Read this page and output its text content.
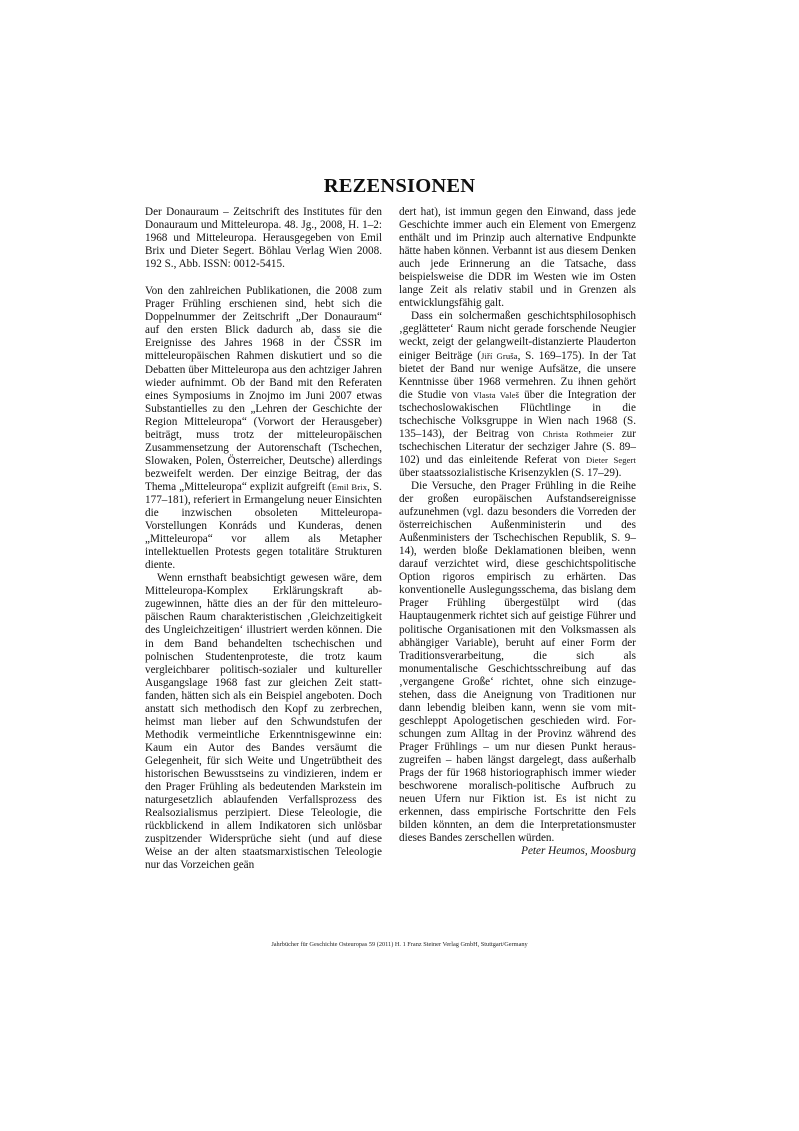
REZENSIONEN

Der Donauraum – Zeitschrift des Institutes für den Donauraum und Mitteleuropa. 48. Jg., 2008, H. 1–2: 1968 und Mitteleuropa. Herausgegeben von Emil Brix und Dieter Segert. Böhlau Verlag Wien 2008. 192 S., Abb. ISSN: 0012-5415.

Von den zahlreichen Publikationen, die 2008 zum Prager Frühling erschienen sind, hebt sich die Doppelnummer der Zeitschrift „Der Donauraum“ auf den ersten Blick dadurch ab, dass sie die Ereignisse des Jahres 1968 in der ČSSR im mitteleuropäischen Rahmen diskutiert und so die Debatten über Mitteleuropa aus den achtziger Jahren wieder aufnimmt. Ob der Band mit den Referaten eines Symposiums in Znojmo im Juni 2007 etwas Substantielles zu den „Lehren der Geschichte der Region Mitteleuropa“ (Vorwort der Herausgeber) beiträgt, muss trotz der mitteleuropäischen Zusammensetzung der Autorenschaft (Tschechen, Slowaken, Polen, Österreicher, Deutsche) allerdings bezweifelt werden. Der einzige Beitrag, der das Thema „Mitteleuropa“ explizit aufgreift (Emil Brix, S. 177–181), referiert in Ermangelung neuer Einsichten die inzwischen obsoleten Mitteleuropa-Vorstellungen Konráds und Kunderas, denen „Mitteleuropa“ vor allem als Metapher intellektuellen Protests gegen totalitäre Strukturen diente.

Wenn ernsthaft beabsichtigt gewesen wäre, dem Mitteleuropa-Komplex Erklärungskraft abzugewinnen, hätte dies an der für den mitteleuropäischen Raum charakteristischen ‚Gleichzeitigkeit des Ungleichzeitigen‘ illustriert werden können. Die in dem Band behandelten tschechischen und polnischen Studentenproteste, die trotz kaum vergleichbarer politisch-sozialer und kultureller Ausgangslage 1968 fast zur gleichen Zeit stattfanden, hätten sich als ein Beispiel angeboten. Doch anstatt sich methodisch den Kopf zu zerbrechen, heimst man lieber auf den Schwundstufen der Methodik vermeintliche Erkenntnisgewinne ein: Kaum ein Autor des Bandes versäumt die Gelegenheit, für sich Weite und Ungetrübtheit des historischen Bewusstseins zu vindizieren, indem er den Prager Frühling als bedeutenden Markstein im naturgesetzlich ablaufenden Verfallsprozess des Realsozialismus perzipiert. Diese Teleologie, die rückblickend in allem Indikatoren sich unlösbar zuspitzender Widersprüche sieht (und auf diese Weise an der alten staatsmarxistischen Teleologie nur das Vorzeichen geän

dert hat), ist immun gegen den Einwand, dass jede Geschichte immer auch ein Element von Emergenz enthält und im Prinzip auch alternative Endpunkte hätte haben können. Verbannt ist aus diesem Denken auch jede Erinnerung an die Tatsache, dass beispielsweise die DDR im Westen wie im Osten lange Zeit als relativ stabil und in Grenzen als entwicklungsfähig galt.

Dass ein solchermaßen geschichtsphilosophisch ‚geglätteter‘ Raum nicht gerade forschende Neugier weckt, zeigt der gelangweilt-distanzierte Plauderton einiger Beiträge (Jiří Gruša, S. 169–175). In der Tat bietet der Band nur wenige Aufsätze, die unsere Kenntnisse über 1968 vermehren. Zu ihnen gehört die Studie von Vlasta Valeš über die Integration der tschechoslowakischen Flüchtlinge in die tschechische Volksgruppe in Wien nach 1968 (S. 135–143), der Beitrag von Christa Rothmeier zur tschechischen Literatur der sechziger Jahre (S. 89–102) und das einleitende Referat von Dieter Segert über staatssozialistische Krisenzyklen (S. 17–29).

Die Versuche, den Prager Frühling in die Reihe der großen europäischen Aufstandsereignisse aufzunehmen (vgl. dazu besonders die Vorreden der österreichischen Außenministerin und des Außenministers der Tschechischen Republik, S. 9–14), werden bloße Deklamationen bleiben, wenn darauf verzichtet wird, diese geschichtspolitische Option rigoros empirisch zu erhärten. Das konventionelle Auslegungsschema, das bislang dem Prager Frühling übergestülpt wird (das Hauptaugenmerk richtet sich auf geistige Führer und politische Organisationen mit den Volksmassen als abhängiger Variable), beruht auf einer Form der Traditionsverarbeitung, die sich als monumentalische Geschichtsschreibung auf das ‚vergangene Große‘ richtet, ohne sich einzugestehen, dass die Aneignung von Traditionen nur dann lebendig bleiben kann, wenn sie vom mitgeschleppt Apologetischen geschieden wird. Forschungen zum Alltag in der Provinz während des Prager Frühlings – um nur diesen Punkt herauszugreifen – haben längst dargelegt, dass außerhalb Prags der für 1968 historiographisch immer wieder beschworene moralisch-politische Aufbruch zu neuen Ufern nur Fiktion ist. Es ist nicht zu erkennen, dass empirische Fortschritte den Fels bilden könnten, an dem die Interpretationsmuster dieses Bandes zerschellen würden.

Peter Heumos, Moosburg

Jahrbücher für Geschichte Osteuropas 59 (2011) H. 1 Franz Steiner Verlag GmbH, Stuttgart/Germany
